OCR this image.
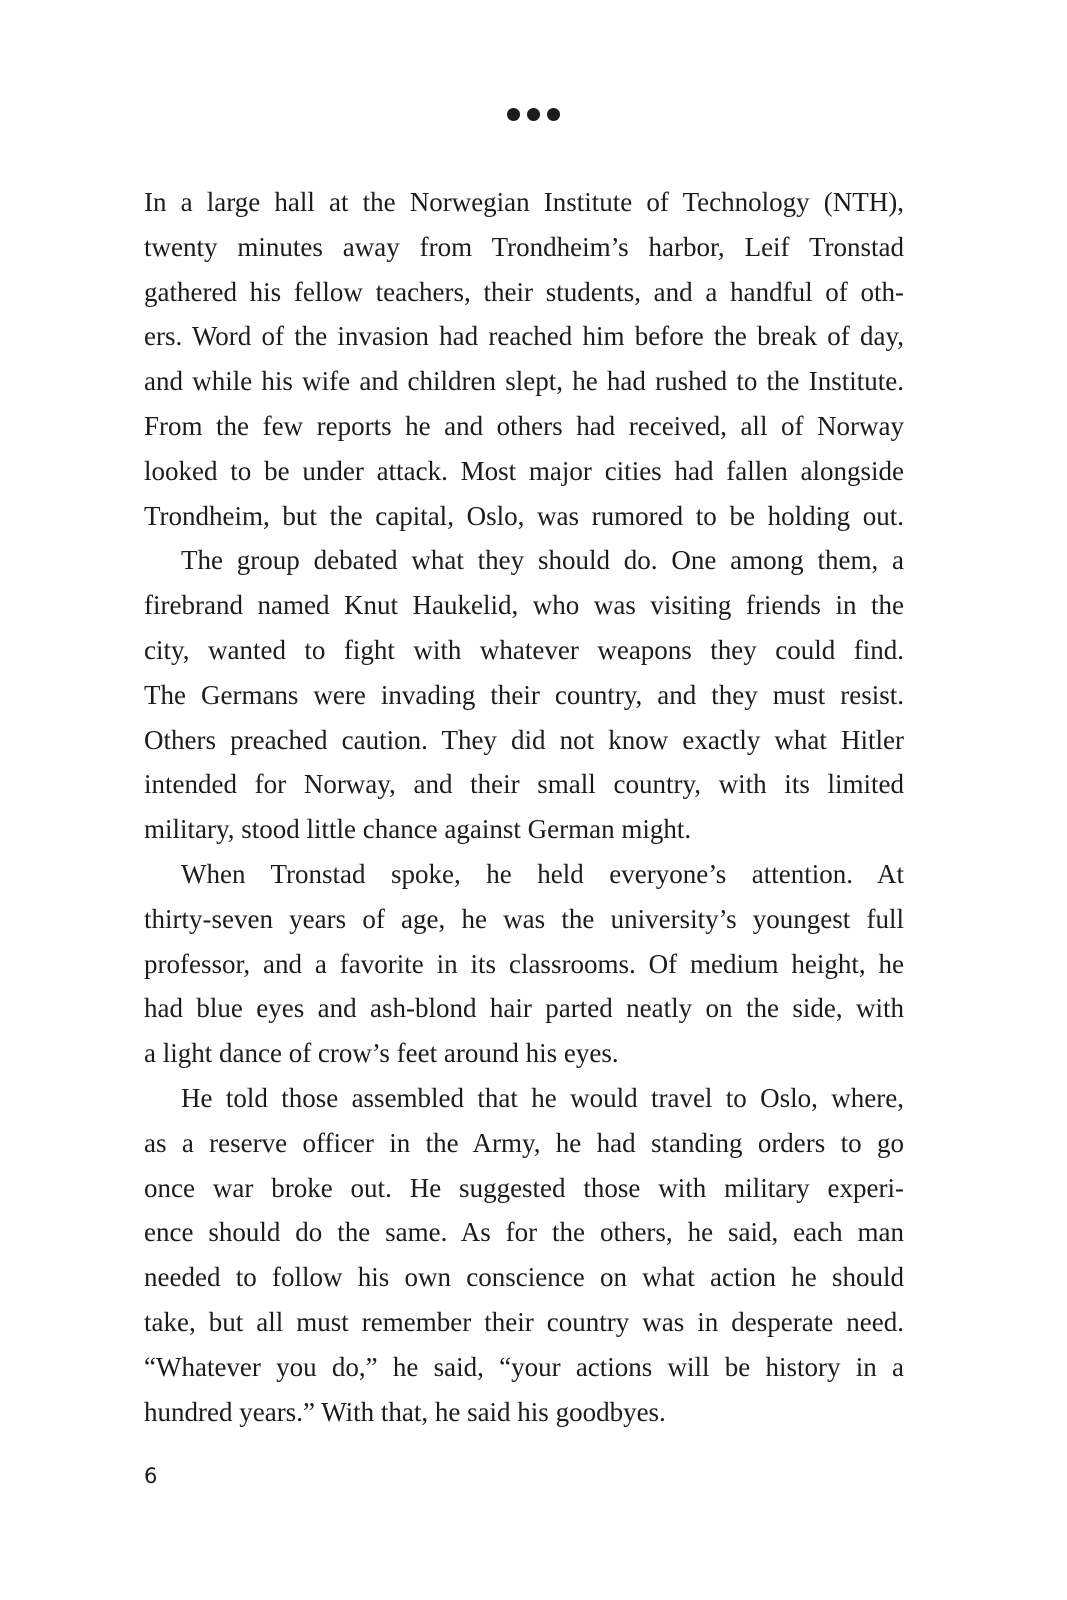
In a large hall at the Norwegian Institute of Technology (NTH),
twenty minutes away from Trondheim’s harbor, Leif Tronstad
gathered his fellow teachers, their students, and a handful of oth-
ers. Word of the invasion had reached him before the break of day,
and while his wife and children slept, he had rushed to the Institute.
From the few reports he and others had received, all of Norway
looked to be under attack. Most major cities had fallen alongside
Trondheim, but the capital, Oslo, was rumored to be holding out.
The group debated what they should do. One among them, a
firebrand named Knut Haukelid, who was visiting friends in the
city, wanted to fight with whatever weapons they could find.
The Germans were invading their country, and they must resist.
Others preached caution. They did not know exactly what Hitler
intended for Norway, and their small country, with its limited
military, stood little chance against German might.
When Tronstad spoke, he held everyone’s attention. At
thirty-seven years of age, he was the university’s youngest full
professor, and a favorite in its classrooms. Of medium height, he
had blue eyes and ash-blond hair parted neatly on the side, with
a light dance of crow’s feet around his eyes.
He told those assembled that he would travel to Oslo, where,
as a reserve officer in the Army, he had standing orders to go
once war broke out. He suggested those with military experi-
ence should do the same. As for the others, he said, each man
needed to follow his own conscience on what action he should
take, but all must remember their country was in desperate need.
“Whatever you do,” he said, “your actions will be history in a
hundred years.” With that, he said his goodbyes.
6
